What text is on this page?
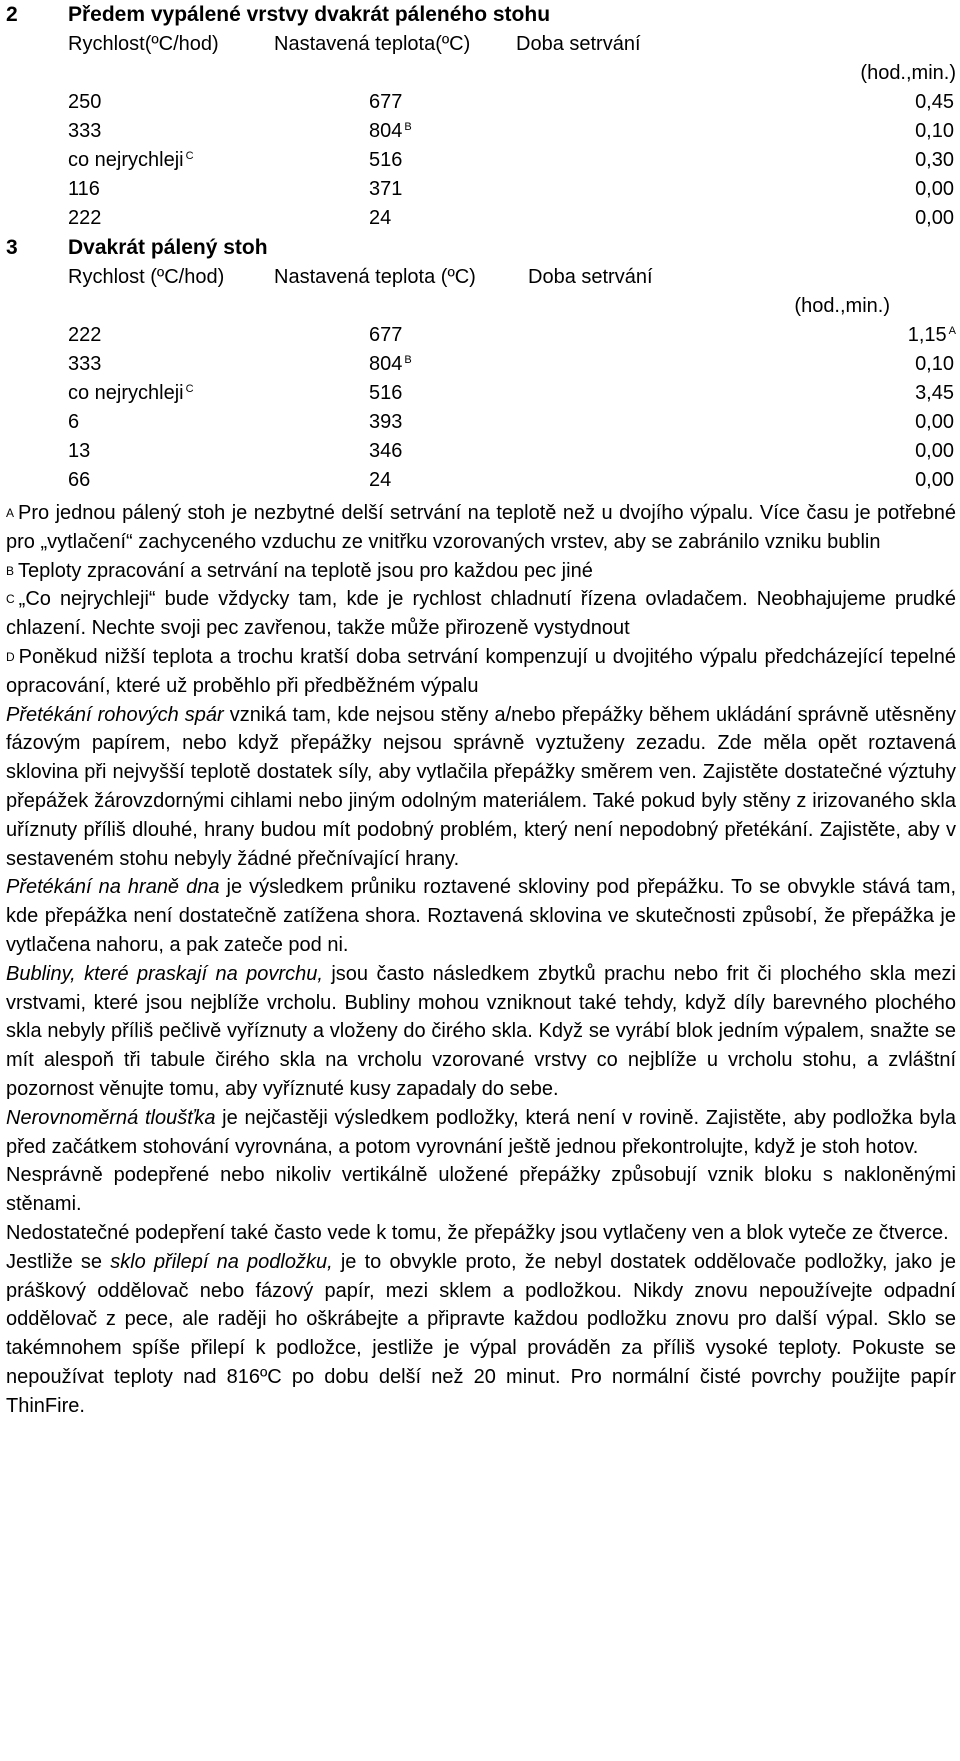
2 Předem vypálené vrstvy dvakrát páleného stohu
Rychlost(ºC/hod)	Nastavená teplota(ºC) Doba setrvání
(hod.,min.)
250	677	0,45
333	804 $^B$	0,10
co nejrychleji $^C$	516	0,30
116	371	0,00
222	24	0,00
3 Dvakrát pálený stoh
Rychlost (ºC/hod) Nastavená teplota (ºC)	Doba setrvání
(hod.,min.)
222	677	1,15 $^A$
333	804 $^B$	0,10
co nejrychleji $^C$	516	3,45
6	393	0,00
13	346	0,00
66	24	0,00

$^A$ Pro jednou pálený stoh je nezbytné delší setrvání na teplotě než u dvojího výpalu. Více času je potřebné pro „vytlačení“ zachyceného vzduchu ze vnitřku vzorovaných vrstev, aby se zabránilo vzniku bublin

$^B$ Teploty zpracování a setrvání na teplotě jsou pro každou pec jiné

$^C$ „Co nejrychleji“ bude vždycky tam, kde je rychlost chladnutí řízena ovladačem. Neobhajujeme prudké chlazení. Nechte svoji pec zavřenou, takže může přirozeně vystydnout

$^D$ Poněkud nižší teplota a trochu kratší doba setrvání kompenzují u dvojitého výpalu předcházející tepelné opracování, které už proběhlo při předběžném výpalu

Přetékání rohových spár vzniká tam, kde nejsou stěny a/nebo přepážky během ukládání správně utěsněny fázovým papírem, nebo když přepážky nejsou správně vyztuženy zezadu. Zde měla opět roztavená sklovina při nejvyšší teplotě dostatek síly, aby vytlačila přepážky směrem ven. Zajistěte dostatečné výztuhy přepážek žárovzdornými cihlami nebo jiným odolným materiálem. Také pokud byly stěny z irizovaného skla uříznuty příliš dlouhé, hrany budou mít podobný problém, který není nepodobný přetékání. Zajistěte, aby v sestaveném stohu nebyly žádné přečnívající hrany.

Přetékání na hraně dna je výsledkem průniku roztavené skloviny pod přepážku. To se obvykle stává tam, kde přepážka není dostatečně zatížena shora. Roztavená sklovina ve skutečnosti způsobí, že přepážka je vytlačena nahoru, a pak zateče pod ni.

Bubliny, které praskají na povrchu, jsou často následkem zbytků prachu nebo frit či plochého skla mezi vrstvami, které jsou nejblíže vrcholu. Bubliny mohou vzniknout také tehdy, když díly barevného plochého skla nebyly příliš pečlivě vyříznuty a vloženy do čirého skla. Když se vyrábí blok jedním výpalem, snažte se mít alespoň tři tabule čirého skla na vrcholu vzorované vrstvy co nejblíže u vrcholu stohu, a zvláštní pozornost věnujte tomu, aby vyříznuté kusy zapadaly do sebe.

Nerovnoměrná tloušťka je nejčastěji výsledkem podložky, která není v rovině. Zajistěte, aby podložka byla před začátkem stohování vyrovnána, a potom vyrovnání ještě jednou překontrolujte, když je stoh hotov.

Nesprávně podepřené nebo nikoliv vertikálně uložené přepážky způsobují vznik bloku s nakloněnými stěnami.

Nedostatečné podepření také často vede k tomu, že přepážky jsou vytlačeny ven a blok vyteče ze čtverce.

Jestliže se sklo přilepí na podložku, je to obvykle proto, že nebyl dostatek oddělovače podložky, jako je práškový oddělovač nebo fázový papír, mezi sklem a podložkou. Nikdy znovu nepoužívejte odpadní oddělovač z pece, ale raději ho oškrábejte a připravte každou podložku znovu pro další výpal. Sklo se takémnohem spíše přilepí k podložce, jestliže je výpal prováděn za příliš vysoké teploty. Pokuste se nepoužívat teploty nad 816ºC po dobu delší než 20 minut. Pro normální čisté povrchy použijte papír ThinFire.
